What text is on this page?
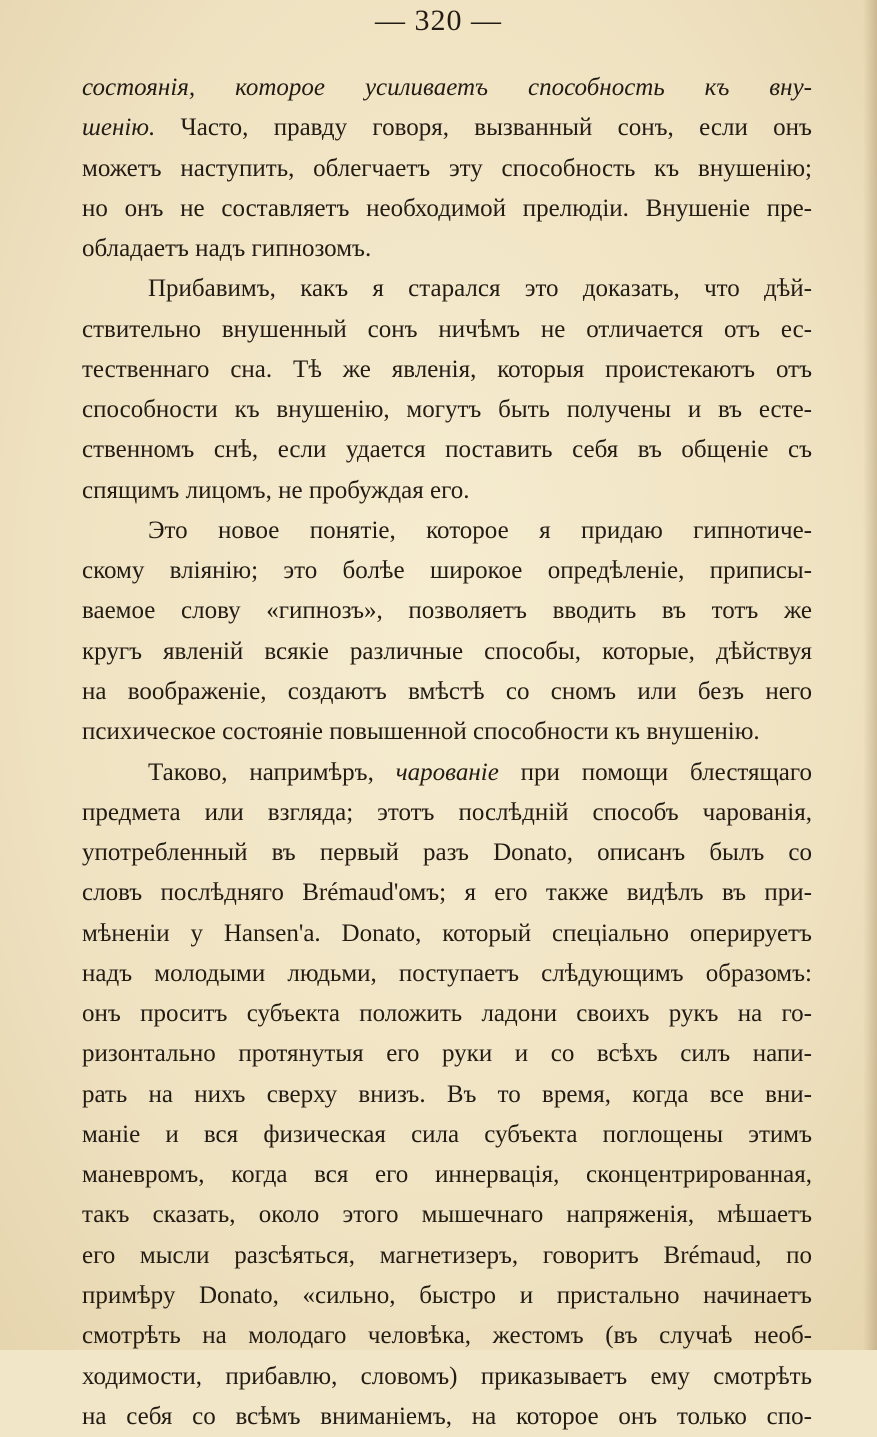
— 320 —
состоянія, которое усиливаетъ способность къ вну-
шенію. Часто, правду говоря, вызванный сонъ, если онъ
можетъ наступить, облегчаетъ эту способность къ внушенію;
но онъ не составляетъ необходимой прелюдіи. Внушеніе пре-
обладаетъ надъ гипнозомъ.
Прибавимъ, какъ я старался это доказать, что дѣй-
ствительно внушенный сонъ ничѣмъ не отличается отъ ес-
тественнаго сна. Тѣ же явленія, которыя проистекаютъ отъ
способности къ внушенію, могутъ быть получены и въ есте-
ственномъ снѣ, если удается поставить себя въ общеніе съ
спящимъ лицомъ, не пробуждая его.
Это новое понятіе, которое я придаю гипнотиче-
скому вліянію; это болѣе широкое опредѣленіе, приписы-
ваемое слову «гипнозъ», позволяетъ вводить въ тотъ же
кругъ явленій всякіе различные способы, которые, дѣйствуя
на воображеніе, создаютъ вмѣстѣ со сномъ или безъ него
психическое состояніе повышенной способности къ внушенію.
Таково, напримѣръ, чарованіе при помощи блестящаго
предмета или взгляда; этотъ послѣдній способъ чарованія,
употребленный въ первый разъ Donato, описанъ былъ со
словъ послѣдняго Brémaud'омъ; я его также видѣлъ въ при-
мѣненіи у Hansen'а. Donato, который спеціально оперируетъ
надъ молодыми людьми, поступаетъ слѣдующимъ образомъ:
онъ проситъ субъекта положить ладони своихъ рукъ на го-
ризонтально протянутыя его руки и со всѣхъ силъ напи-
рать на нихъ сверху внизъ. Въ то время, когда все вни-
маніе и вся физическая сила субъекта поглощены этимъ
маневромъ, когда вся его иннервація, сконцентрированная,
такъ сказать, около этого мышечнаго напряженія, мѣшаетъ
его мысли разсѣяться, магнетизеръ, говоритъ Brémaud, по
примѣру Donato, «сильно, быстро и пристально начинаетъ
смотрѣть на молодаго человѣка, жестомъ (въ случаѣ необ-
ходимости, прибавлю, словомъ) приказываетъ ему смотрѣть
на себя со всѣмъ вниманіемъ, на которое онъ только спо-
